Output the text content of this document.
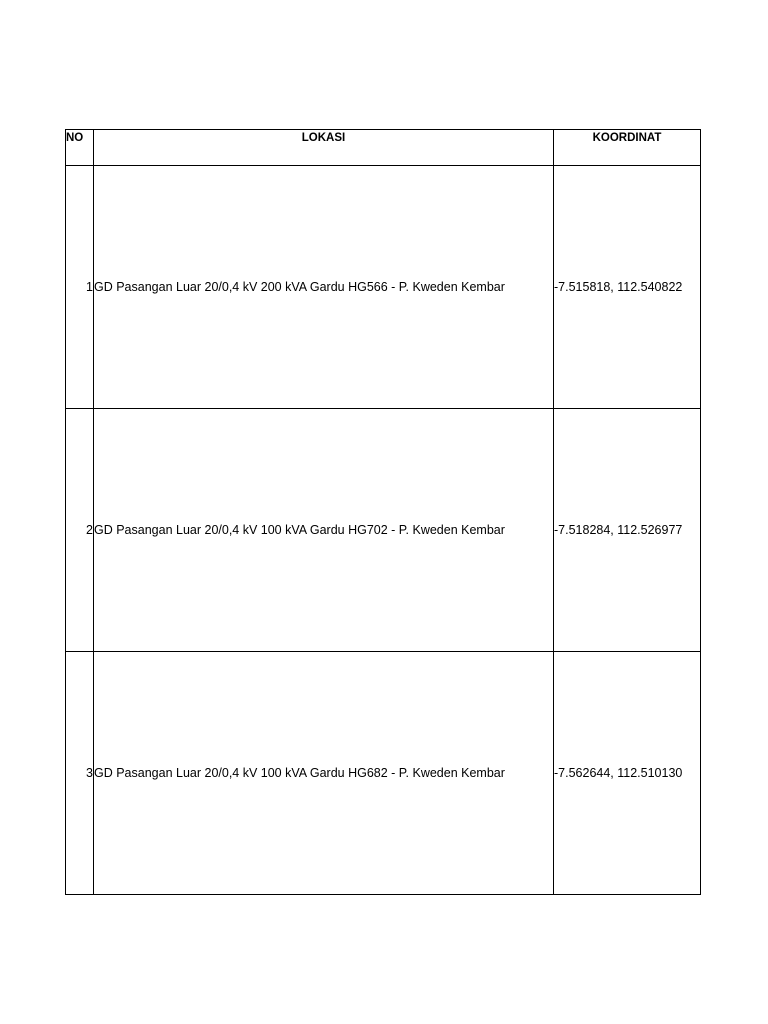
NO	LOKASI	KOORDINAT
1	GD Pasangan Luar 20/0,4 kV 200 kVA Gardu HG566 - P. Kweden Kembar	-7.515818, 112.540822
2	GD Pasangan Luar 20/0,4 kV 100 kVA Gardu HG702 - P. Kweden Kembar	-7.518284, 112.526977
3	GD Pasangan Luar 20/0,4 kV 100 kVA Gardu HG682 - P. Kweden Kembar	-7.562644, 112.510130
